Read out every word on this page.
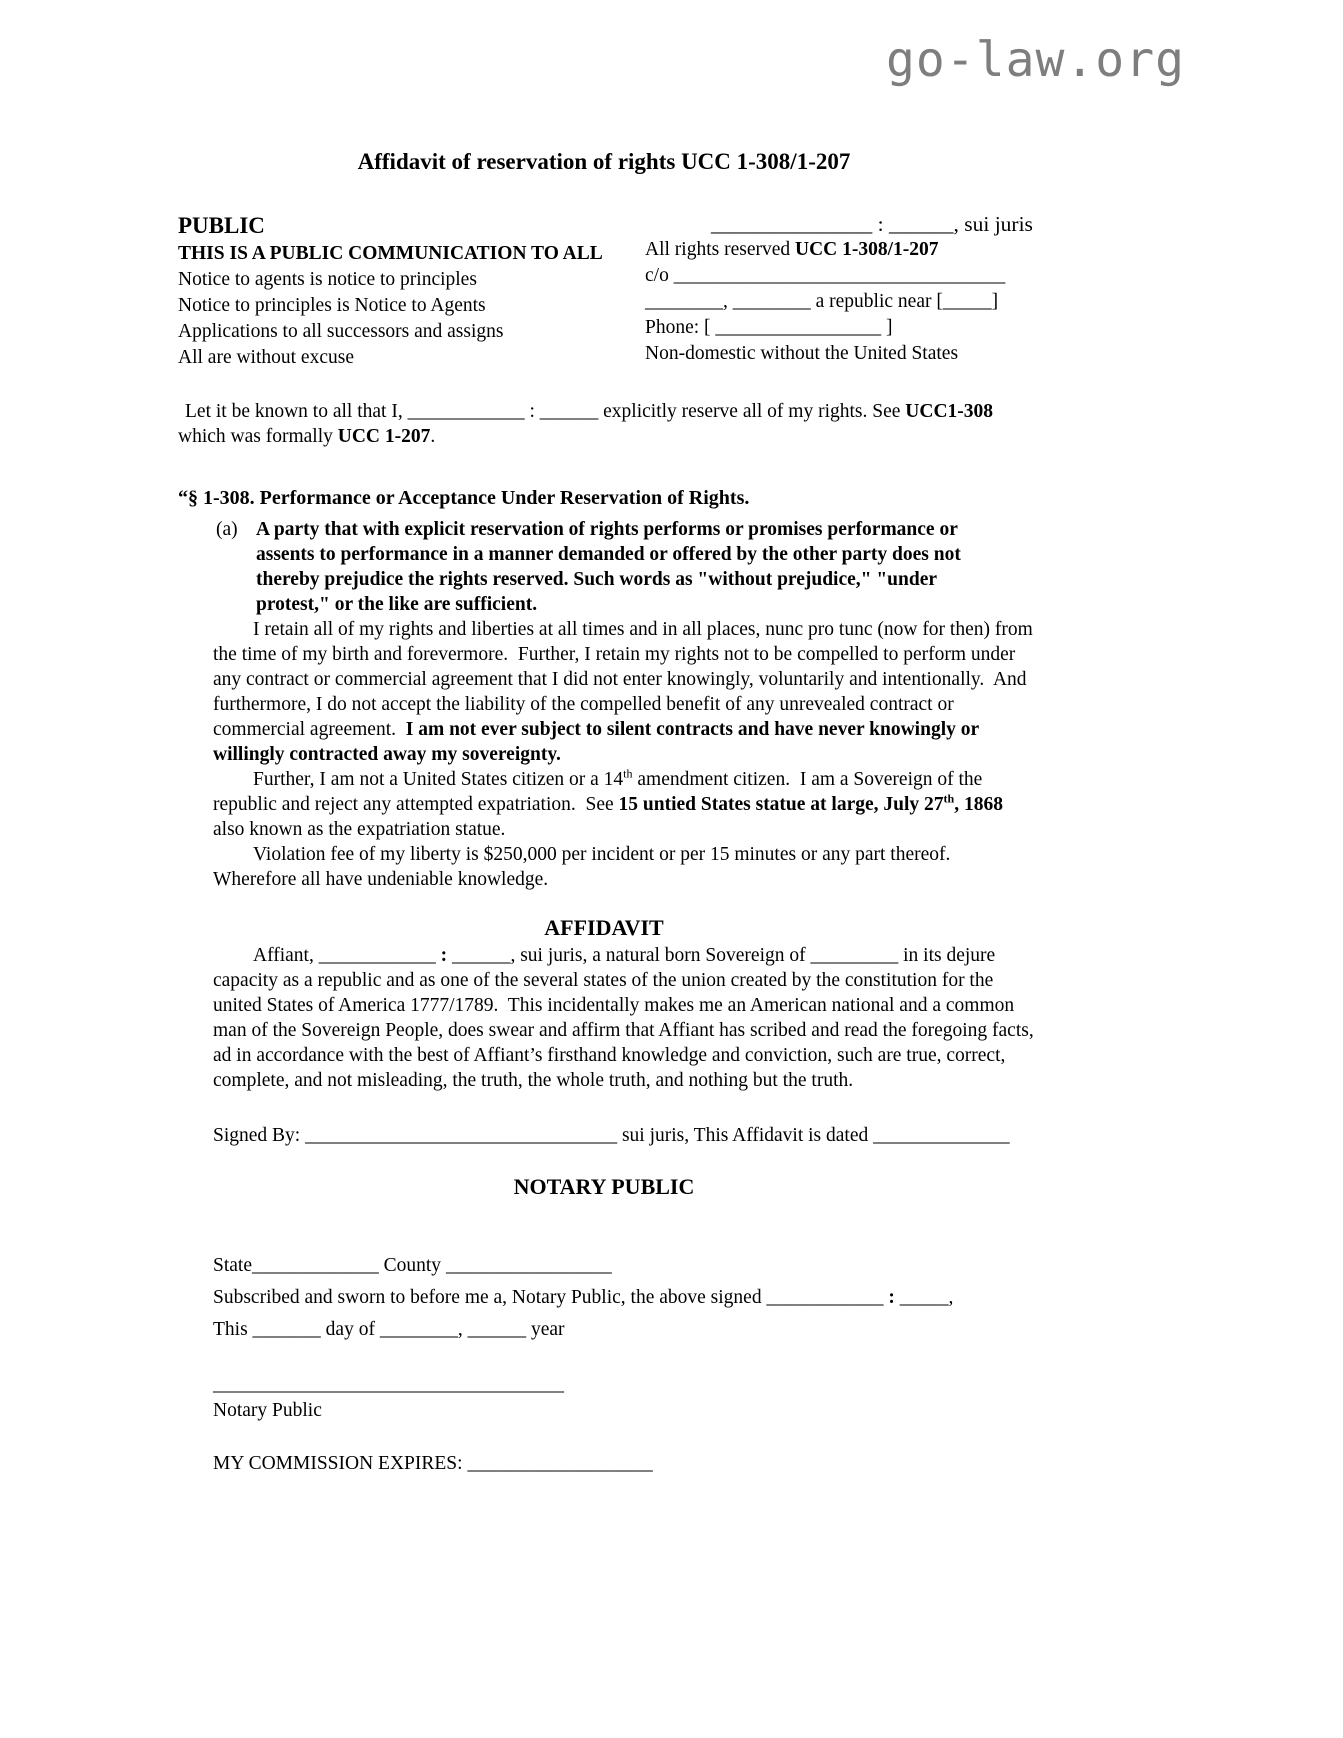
go-law.org
Affidavit of reservation of rights UCC 1-308/1-207
PUBLIC
THIS IS A PUBLIC COMMUNICATION TO ALL
Notice to agents is notice to principles
Notice to principles is Notice to Agents
Applications to all successors and assigns
All are without excuse
_______________ : ______, sui juris
All rights reserved UCC 1-308/1-207
c/o __________________________________
________, ________ a republic near [_____]
Phone: [ _________________ ]
Non-domestic without the United States

Let it be known to all that I, ____________ : ______ explicitly reserve all of my rights. See UCC1-308 which was formally UCC 1-207.

“§ 1-308. Performance or Acceptance Under Reservation of Rights.

(a) A party that with explicit reservation of rights performs or promises performance or assents to performance in a manner demanded or offered by the other party does not thereby prejudice the rights reserved. Such words as "without prejudice," "under protest," or the like are sufficient.

I retain all of my rights and liberties at all times and in all places, nunc pro tunc (now for then) from the time of my birth and forevermore.  Further, I retain my rights not to be compelled to perform under any contract or commercial agreement that I did not enter knowingly, voluntarily and intentionally.  And furthermore, I do not accept the liability of the compelled benefit of any unrevealed contract or commercial agreement.  I am not ever subject to silent contracts and have never knowingly or willingly contracted away my sovereignty.

Further, I am not a United States citizen or a 14th amendment citizen.  I am a Sovereign of the republic and reject any attempted expatriation.  See 15 untied States statue at large, July 27th, 1868 also known as the expatriation statue.

Violation fee of my liberty is $250,000 per incident or per 15 minutes or any part thereof.

Wherefore all have undeniable knowledge.

AFFIDAVIT

Affiant, ____________ : ______, sui juris, a natural born Sovereign of _________ in its dejure capacity as a republic and as one of the several states of the union created by the constitution for the united States of America 1777/1789.  This incidentally makes me an American national and a common man of the Sovereign People, does swear and affirm that Affiant has scribed and read the foregoing facts, ad in accordance with the best of Affiant’s firsthand knowledge and conviction, such are true, correct, complete, and not misleading, the truth, the whole truth, and nothing but the truth.

Signed By: ________________________________ sui juris, This Affidavit is dated ______________

NOTARY PUBLIC
State_____________ County _________________
Subscribed and sworn to before me a, Notary Public, the above signed ____________ : _____,
This _______ day of ________, ______ year
____________________________________
Notary Public

MY COMMISSION EXPIRES: ___________________
